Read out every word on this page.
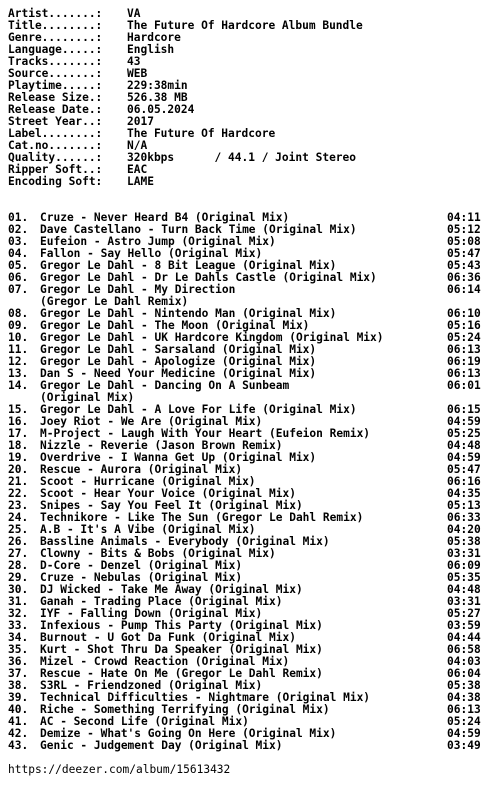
Artist.......: VA
Title........: The Future Of Hardcore Album Bundle
Genre........: Hardcore
Language.....: English
Tracks.......: 43
Source.......: WEB
Playtime.....: 229:38min
Release Size.: 526.38 MB
Release Date.: 06.05.2024
Street Year..: 2017
Label........: The Future Of Hardcore
Cat.no.......: N/A
Quality......: 320kbps      / 44.1 / Joint Stereo
Ripper Soft..: EAC
Encoding Soft: LAME
01. Cruze - Never Heard B4 (Original Mix)	04:11
02. Dave Castellano - Turn Back Time (Original Mix)	05:12
03. Eufeion - Astro Jump (Original Mix)	05:08
04. Fallon - Say Hello (Original Mix)	05:47
05. Gregor Le Dahl - 8 Bit League (Original Mix)	05:43
06. Gregor Le Dahl - Dr Le Dahls Castle (Original Mix)	06:36
07. Gregor Le Dahl - My Direction	06:14
(Gregor Le Dahl Remix)
08. Gregor Le Dahl - Nintendo Man (Original Mix)	06:10
09. Gregor Le Dahl - The Moon (Original Mix)	05:16
10. Gregor Le Dahl - UK Hardcore Kingdom (Original Mix)	05:24
11. Gregor Le Dahl - Sarsaland (Original Mix)	06:13
12. Gregor Le Dahl - Apologize (Original Mix)	06:19
13. Dan S - Need Your Medicine (Original Mix)	06:13
14. Gregor Le Dahl - Dancing On A Sunbeam	06:01
(Original Mix)
15. Gregor Le Dahl - A Love For Life (Original Mix)	06:15
16. Joey Riot - We Are (Original Mix)	04:59
17. M-Project - Laugh With Your Heart (Eufeion Remix)	05:25
18. Nizzle - Reverie (Jason Brown Remix)	04:48
19. Overdrive - I Wanna Get Up (Original Mix)	04:59
20. Rescue - Aurora (Original Mix)	05:47
21. Scoot - Hurricane (Original Mix)	06:16
22. Scoot - Hear Your Voice (Original Mix)	04:35
23. Snipes - Say You Feel It (Original Mix)	05:13
24. Technikore - Like The Sun (Gregor Le Dahl Remix)	06:33
25. A.B - It's A Vibe (Original Mix)	04:20
26. Bassline Animals - Everybody (Original Mix)	05:38
27. Clowny - Bits & Bobs (Original Mix)	03:31
28. D-Core - Denzel (Original Mix)	06:09
29. Cruze - Nebulas (Original Mix)	05:35
30. DJ Wicked - Take Me Away (Original Mix)	04:48
31. Ganah - Trading Place (Original Mix)	03:31
32. IYF - Falling Down (Original Mix)	05:27
33. Infexious - Pump This Party (Original Mix)	03:59
34. Burnout - U Got Da Funk (Original Mix)	04:44
35. Kurt - Shot Thru Da Speaker (Original Mix)	06:58
36. Mizel - Crowd Reaction (Original Mix)	04:03
37. Rescue - Hate On Me (Gregor Le Dahl Remix)	06:04
38. S3RL - Friendzoned (Original Mix)	05:38
39. Technical Difficulties - Nightmare (Original Mix)	04:38
40. Riche - Something Terrifying (Original Mix)	06:13
41. AC - Second Life (Original Mix)	05:24
42. Demize - What's Going On Here (Original Mix)	04:59
43. Genic - Judgement Day (Original Mix)	03:49
https://deezer.com/album/15613432
